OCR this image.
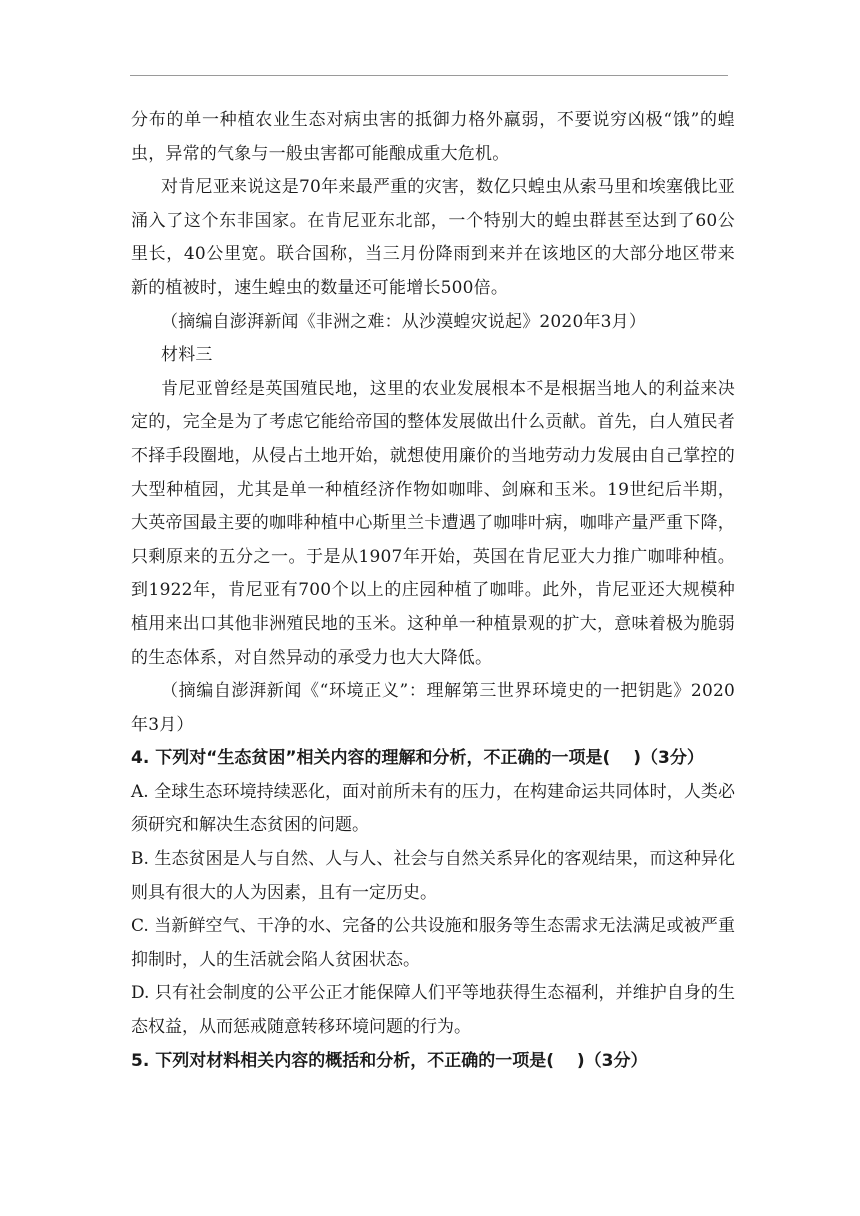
分布的单一种植农业生态对病虫害的抵御力格外羸弱，不要说穷凶极“饿”的蝗虫，异常的气象与一般虫害都可能酿成重大危机。

对肯尼亚来说这是70年来最严重的灾害，数亿只蝗虫从索马里和埃塞俄比亚涌入了这个东非国家。在肯尼亚东北部，一个特别大的蝗虫群甚至达到了60公里长，40公里宽。联合国称，当三月份降雨到来并在该地区的大部分地区带来新的植被时，速生蝗虫的数量还可能增长500倍。

（摘编自澎湃新闻《非洲之难：从沙漠蝗灾说起》2020年3月）

材料三

肯尼亚曾经是英国殖民地，这里的农业发展根本不是根据当地人的利益来决定的，完全是为了考虑它能给帝国的整体发展做出什么贡献。首先，白人殖民者不择手段圈地，从侵占土地开始，就想使用廉价的当地劳动力发展由自己掌控的大型种植园，尤其是单一种植经济作物如咖啡、剑麻和玉米。19世纪后半期，大英帝国最主要的咖啡种植中心斯里兰卡遭遇了咖啡叶病，咖啡产量严重下降，只剩原来的五分之一。于是从1907年开始，英国在肯尼亚大力推广咖啡种植。到1922年，肯尼亚有700个以上的庄园种植了咖啡。此外，肯尼亚还大规模种植用来出口其他非洲殖民地的玉米。这种单一种植景观的扩大，意味着极为脆弱的生态体系，对自然异动的承受力也大大降低。

（摘编自澎湃新闻《“环境正义”：理解第三世界环境史的一把钥匙》2020年3月）

4. 下列对“生态贫困”相关内容的理解和分析，不正确的一项是(　 )（3分）

A. 全球生态环境持续恶化，面对前所未有的压力，在构建命运共同体时，人类必须研究和解决生态贫困的问题。

B. 生态贫困是人与自然、人与人、社会与自然关系异化的客观结果，而这种异化则具有很大的人为因素，且有一定历史。

C. 当新鲜空气、干净的水、完备的公共设施和服务等生态需求无法满足或被严重抑制时，人的生活就会陷人贫困状态。

D. 只有社会制度的公平公正才能保障人们平等地获得生态福利，并维护自身的生态权益，从而惩戒随意转移环境问题的行为。

5. 下列对材料相关内容的概括和分析，不正确的一项是(　 )（3分）
